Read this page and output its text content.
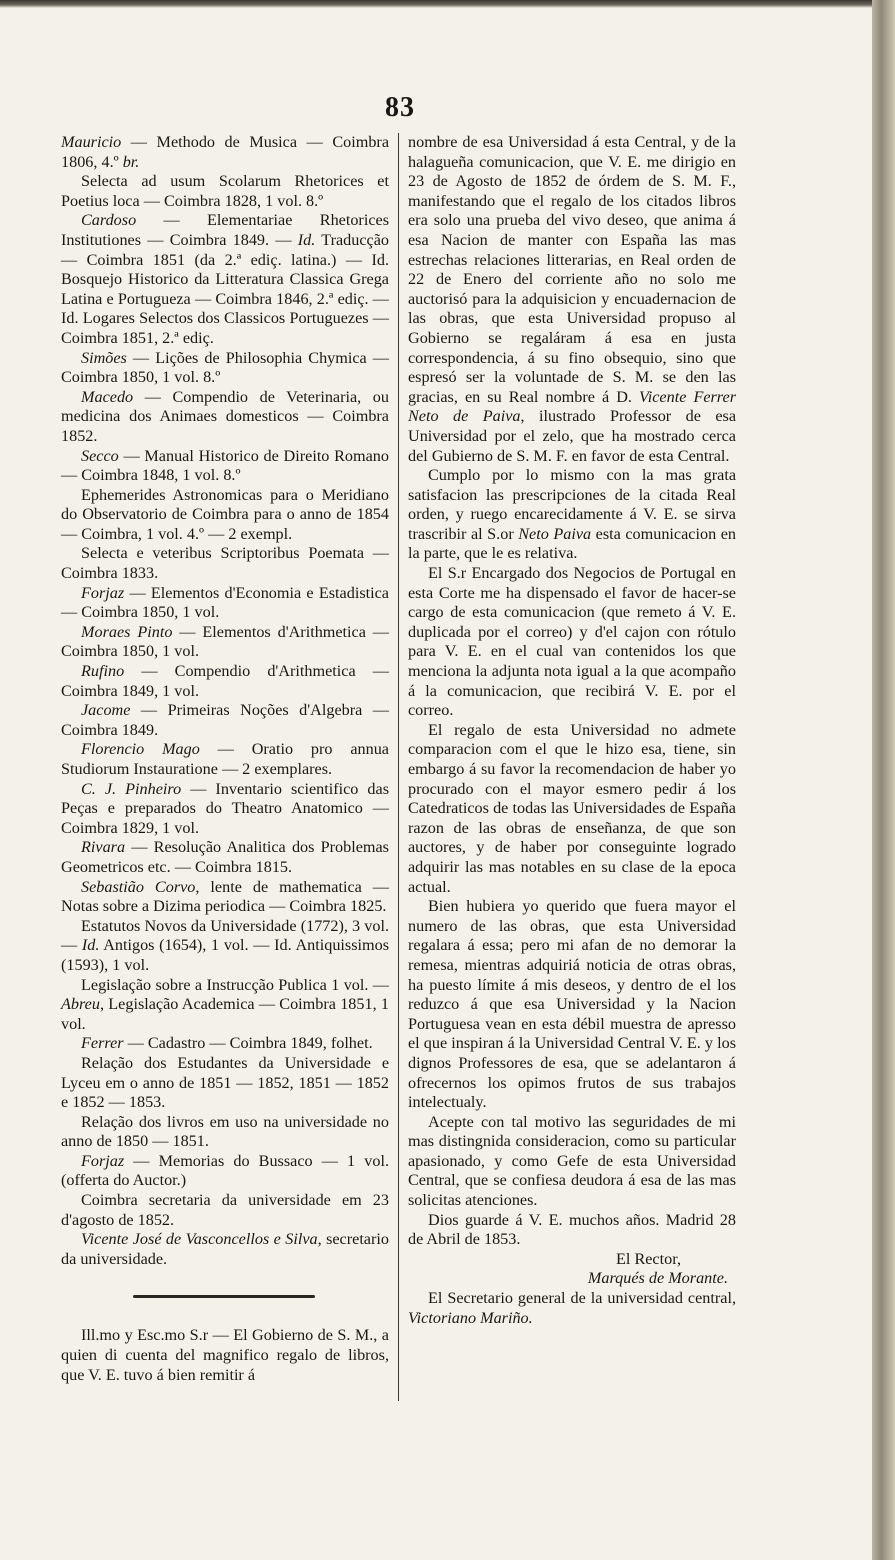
83

Mauricio — Methodo de Musica — Coimbra 1806, 4.º br.

Selecta ad usum Scolarum Rhetorices et Poetius loca — Coimbra 1828, 1 vol. 8.º

Cardoso — Elementariae Rhetorices Institutiones — Coimbra 1849. — Id. Traducção — Coimbra 1851 (da 2.ª ediç. latina.) — Id. Bosquejo Historico da Litteratura Classica Grega Latina e Portugueza — Coimbra 1846, 2.ª ediç. — Id. Logares Selectos dos Classicos Portuguezes — Coimbra 1851, 2.ª ediç.

Simões — Lições de Philosophia Chymica — Coimbra 1850, 1 vol. 8.º

Macedo — Compendio de Veterinaria, ou medicina dos Animaes domesticos — Coimbra 1852.

Secco — Manual Historico de Direito Romano — Coimbra 1848, 1 vol. 8.º

Ephemerides Astronomicas para o Meridiano do Observatorio de Coimbra para o anno de 1854 — Coimbra, 1 vol. 4.º — 2 exempl.

Selecta e veteribus Scriptoribus Poemata — Coimbra 1833.

Forjaz — Elementos d'Economia e Estadistica — Coimbra 1850, 1 vol.

Moraes Pinto — Elementos d'Arithmetica — Coimbra 1850, 1 vol.

Rufino — Compendio d'Arithmetica — Coimbra 1849, 1 vol.

Jacome — Primeiras Noções d'Algebra — Coimbra 1849.

Florencio Mago — Oratio pro annua Studiorum Instauratione — 2 exemplares.

C. J. Pinheiro — Inventario scientifico das Peças e preparados do Theatro Anatomico — Coimbra 1829, 1 vol.

Rivara — Resolução Analitica dos Problemas Geometricos etc. — Coimbra 1815.

Sebastião Corvo, lente de mathematica — Notas sobre a Dizima periodica — Coimbra 1825.

Estatutos Novos da Universidade (1772), 3 vol. — Id. Antigos (1654), 1 vol. — Id. Antiquissimos (1593), 1 vol.

Legislação sobre a Instrucção Publica 1 vol. — Abreu, Legislação Academica — Coimbra 1851, 1 vol.

Ferrer — Cadastro — Coimbra 1849, folhet.

Relação dos Estudantes da Universidade e Lyceu em o anno de 1851 — 1852, 1851 — 1852 e 1852 — 1853.

Relação dos livros em uso na universidade no anno de 1850 — 1851.

Forjaz — Memorias do Bussaco — 1 vol. (offerta do Auctor.)

Coimbra secretaria da universidade em 23 d'agosto de 1852.

Vicente José de Vasconcellos e Silva, secretario da universidade.

Ill.mo y Esc.mo S.r — El Gobierno de S. M., a quien di cuenta del magnifico regalo de libros, que V. E. tuvo á bien remitir á

nombre de esa Universidad á esta Central, y de la halagueña comunicacion, que V. E. me dirigio en 23 de Agosto de 1852 de órdem de S. M. F., manifestando que el regalo de los citados libros era solo una prueba del vivo deseo, que anima á esa Nacion de manter con España las mas estrechas relaciones litterarias, en Real orden de 22 de Enero del corriente año no solo me auctorisó para la adquisicion y encuadernacion de las obras, que esta Universidad propuso al Gobierno se regaláram á esa en justa correspondencia, á su fino obsequio, sino que espresó ser la voluntade de S. M. se den las gracias, en su Real nombre á D. Vicente Ferrer Neto de Paiva, ilustrado Professor de esa Universidad por el zelo, que ha mostrado cerca del Gubierno de S. M. F. en favor de esta Central.

Cumplo por lo mismo con la mas grata satisfacion las prescripciones de la citada Real orden, y ruego encarecidamente á V. E. se sirva trascribir al S.or Neto Paiva esta comunicacion en la parte, que le es relativa.

El S.r Encargado dos Negocios de Portugal en esta Corte me ha dispensado el favor de hacer-se cargo de esta comunicacion (que remeto á V. E. duplicada por el correo) y d'el cajon con rótulo para V. E. en el cual van contenidos los que menciona la adjunta nota igual a la que acompaño á la comunicacion, que recibirá V. E. por el correo.

El regalo de esta Universidad no admete comparacion com el que le hizo esa, tiene, sin embargo á su favor la recomendacion de haber yo procurado con el mayor esmero pedir á los Catedraticos de todas las Universidades de España razon de las obras de enseñanza, de que son auctores, y de haber por conseguinte logrado adquirir las mas notables en su clase de la epoca actual.

Bien hubiera yo querido que fuera mayor el numero de las obras, que esta Universidad regalara á essa; pero mi afan de no demorar la remesa, mientras adquiriá noticia de otras obras, ha puesto límite á mis deseos, y dentro de el los reduzco á que esa Universidad y la Nacion Portuguesa vean en esta débil muestra de apresso el que inspiran á la Universidad Central V. E. y los dignos Professores de esa, que se adelantaron á ofrecernos los opimos frutos de sus trabajos intelectualy.

Acepte con tal motivo las seguridades de mi mas distingnida consideracion, como su particular apasionado, y como Gefe de esta Universidad Central, que se confiesa deudora á esa de las mas solicitas atenciones.

Dios guarde á V. E. muchos años. Madrid 28 de Abril de 1853.

El Rector,

Marqués de Morante.

El Secretario general de la universidad central, Victoriano Mariño.
